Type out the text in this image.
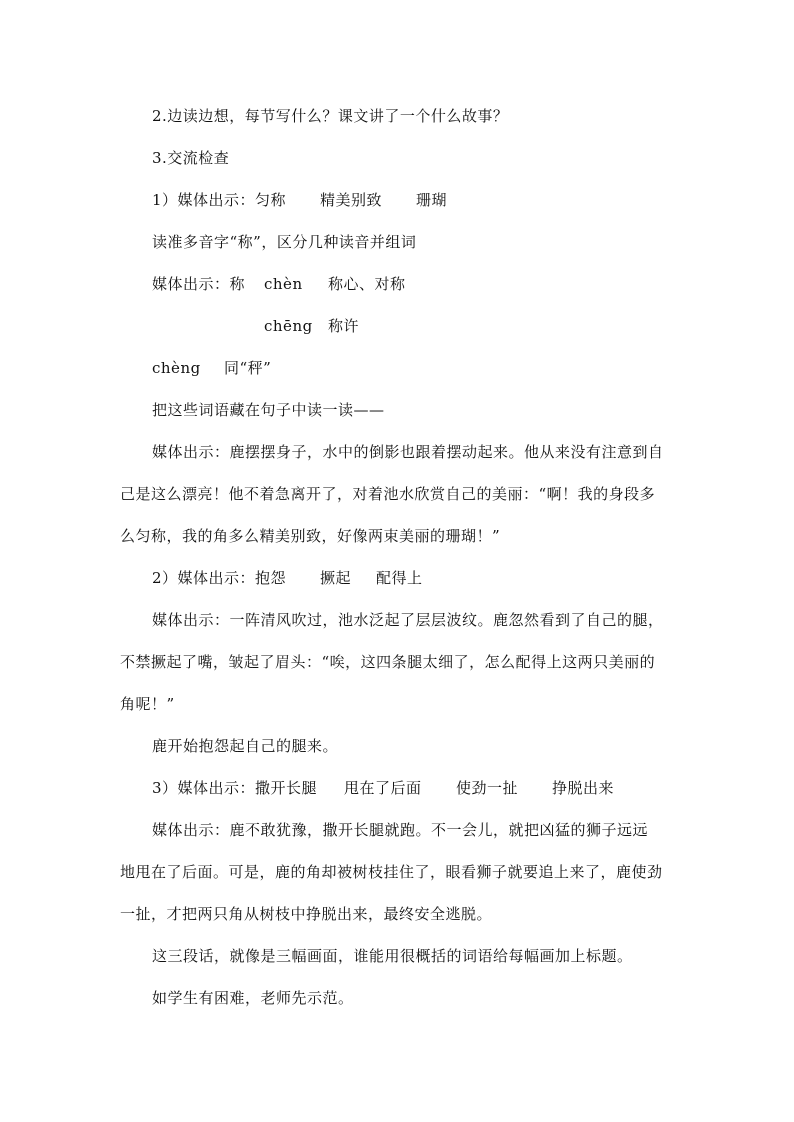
2.边读边想，每节写什么？课文讲了一个什么故事？
3.交流检查
1）媒体出示：匀称 精美别致 珊瑚
读准多音字“称”，区分几种读音并组词
媒体出示：称 chèn 称心、对称
chēng 称许
chèng 同“秤”
把这些词语藏在句子中读一读——
媒体出示：鹿摆摆身子，水中的倒影也跟着摆动起来。他从来没有注意到自
己是这么漂亮！他不着急离开了，对着池水欣赏自己的美丽：“啊！我的身段多
么匀称，我的角多么精美别致，好像两束美丽的珊瑚！”
2）媒体出示：抱怨 撅起 配得上
媒体出示：一阵清风吹过，池水泛起了层层波纹。鹿忽然看到了自己的腿，
不禁撅起了嘴，皱起了眉头：“唉，这四条腿太细了，怎么配得上这两只美丽的
角呢！”
鹿开始抱怨起自己的腿来。
3）媒体出示：撒开长腿 甩在了后面 使劲一扯 挣脱出来
媒体出示：鹿不敢犹豫，撒开长腿就跑。不一会儿，就把凶猛的狮子远远
地甩在了后面。可是，鹿的角却被树枝挂住了，眼看狮子就要追上来了，鹿使劲
一扯，才把两只角从树枝中挣脱出来，最终安全逃脱。
这三段话，就像是三幅画面，谁能用很概括的词语给每幅画加上标题。
如学生有困难，老师先示范。
